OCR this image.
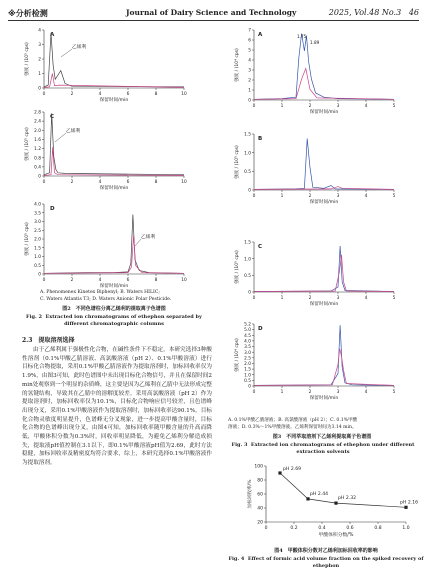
※分析检测	Journal of Dairy Science and Technology	2025, Vol.48 No.3 46
0
1
2
3
4
0	2	4	6	8	10
保留时间/min
强度 / (10⁵ cps)
A
乙烯利
0
0.4
0.8
1.2
1.6
2.0
2.4
2.8
0	2	4	6	8	10
保留时间/min
强度 / (10⁵ cps)
C
乙烯利
0
0.5
1.0
1.5
2.0
2.5
3.0
3.5
4.0
0	2	4	6	8	10
保留时间/min
强度 / (10⁵ cps)
D
乙烯利
A. Phenomenex Kinetex Biphenyl; B. Waters HILIC;
C. Waters Atlantis T3; D. Waters Anionic Polar Pesticide.
图2　不同色谱柱分离乙烯利的提取离子色谱图
Fig. 2 Extracted ion chromatograms of ethephon separated by different chromatographic columns
2.3　提取溶剂选择
由于乙烯利属于强极性化合物，在碱性条件下不稳定，本研究选择3种酸性溶剂（0.1%甲酸乙腈溶液、高氯酸溶液（pH 2）、0.1%甲酸溶液）进行目标化合物提取，采用0.1%甲酸乙腈溶液作为提取溶剂时，加标回收率仅为1.9%，由图3可知，此时色谱图中未出现目标化合物信号，并且在保留时间2 min处观察到一个明显的杂质峰，这主要是因为乙烯利在乙腈中无法形成完整的氢键结构，导致其在乙腈中的溶解度较差。采用高氯酸溶液（pH 2）作为提取溶剂时，加标回收率仅为10.1%，目标化合物响应信号较差，且色谱峰出现分叉，采用0.1%甲酸溶液作为提取溶剂时，加标回收率达90.1%，目标化合物灵敏度明显提升，色谱峰无分叉现象，进一步提高甲酸含量时，目标化合物的色谱峰出现分叉，由图4可知，加标回收率随甲酸含量的升高而降低，甲酸体积分数为0.3%时，回收率明显降低，为避免乙烯利分解造成损失，提取液pH值控制在3.1以下，即0.1%甲酸溶液pH值为2.69，此时方法稳健，加标回收率及精密度均符合要求，综上，本研究选择0.1%甲酸溶液作为提取溶剂。
0
1
2
3
4
5
6
7
0	1	2	3	4	5
保留时间/min
强度 / (10⁴ cps)
A	1.75
1.89
0
0.5
1.0
1.5
0	1	2	3	4	5
保留时间/min
强度 / (10⁵ cps)
B
0
0.5
1.0
1.5
0	1	2	3	4	5
保留时间/min
强度 / (10⁵ cps)
C
0
0.5
1.0
1.5
2.0
2.5
3.0
3.5
4.0
4.5
5.0
5.2
0	1	2	3	4	5
保留时间/min
强度 / (10⁴ cps)
D
A. 0.1%甲酸乙腈溶液；B. 高氯酸溶液（pH 2）；C. 0.1%甲酸
溶液；D. 0.3%～1%甲酸溶液。乙烯利保留时间为3.14 min。
图3　不同萃取溶剂下乙烯利提取离子色谱图
Fig. 3 Extracted ion chromatograms of ethephon under different extraction solvents
20
40
60
80
100
0	0.2	0.4	0.6	0.8	1.0
甲酸体积分数/%
加标回收率/%
pH 2.69
pH 2.44
pH 2.32
pH 2.16
图4　甲酸体积分数对乙烯利加标回收率的影响
Fig. 4 Effect of formic acid volume fraction on the spiked recovery of ethephon
